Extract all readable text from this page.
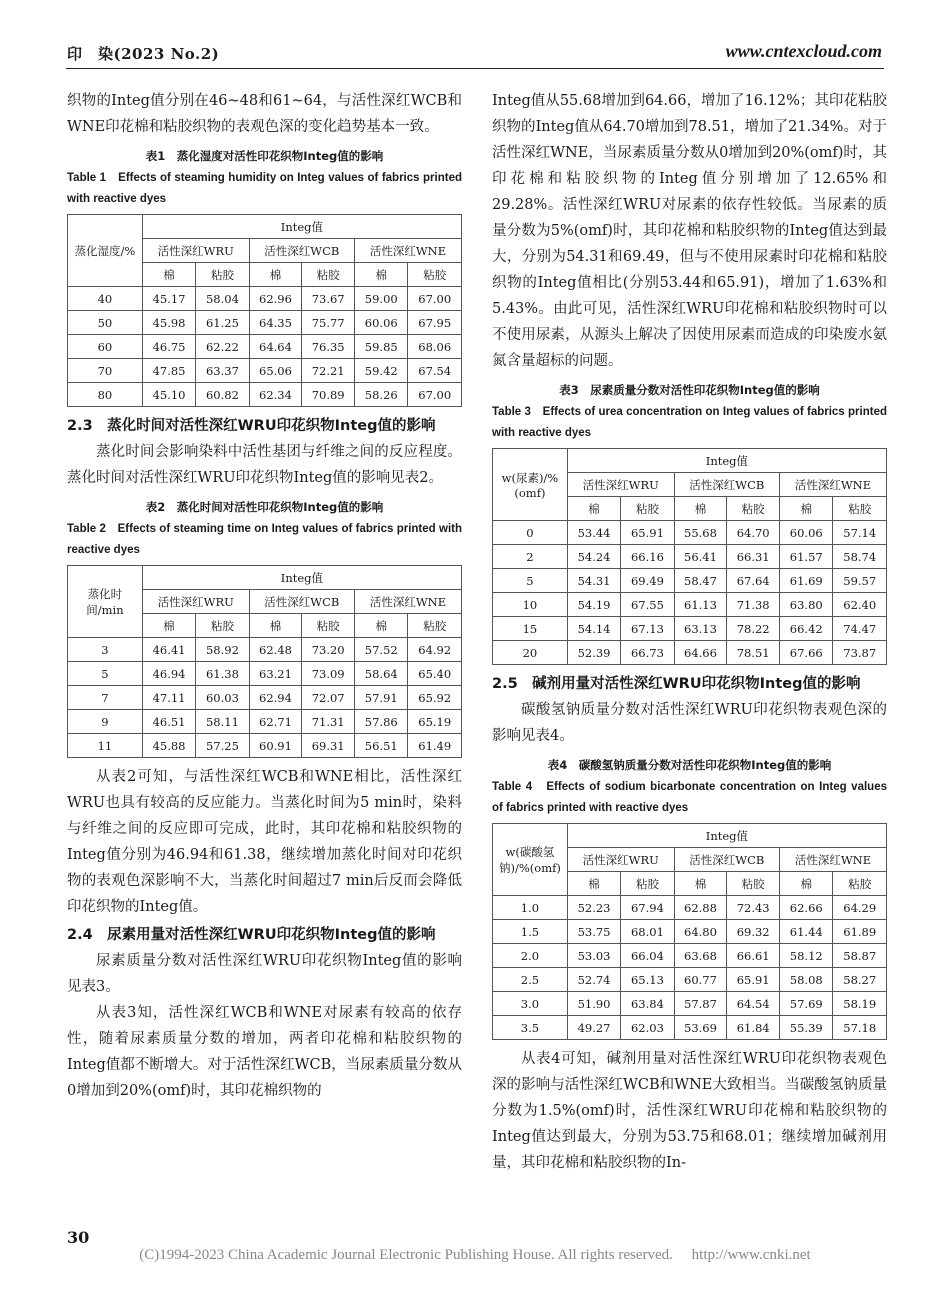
印　染(2023 No.2)	www.cntexcloud.com

织物的Integ值分别在46~48和61~64，与活性深红WCB和WNE印花棉和粘胶织物的表观色深的变化趋势基本一致。

表1　蒸化湿度对活性印花织物Integ值的影响
Table 1　Effects of steaming humidity on Integ values of fabrics printed with reactive dyes
蒸化湿度/%	Integ值					
	活性深红WRU		活性深红WCB		活性深红WNE	
	棉	粘胶	棉	粘胶	棉	粘胶
40	45.17	58.04	62.96	73.67	59.00	67.00
50	45.98	61.25	64.35	75.77	60.06	67.95
60	46.75	62.22	64.64	76.35	59.85	68.06
70	47.85	63.37	65.06	72.21	59.42	67.54
80	45.10	60.82	62.34	70.89	58.26	67.00
2.3　蒸化时间对活性深红WRU印花织物Integ值的影响

蒸化时间会影响染料中活性基团与纤维之间的反应程度。蒸化时间对活性深红WRU印花织物Integ值的影响见表2。

表2　蒸化时间对活性印花织物Integ值的影响
Table 2　Effects of steaming time on Integ values of fabrics printed with reactive dyes
蒸化时间/min	Integ值					
	活性深红WRU		活性深红WCB		活性深红WNE	
	棉	粘胶	棉	粘胶	棉	粘胶
3	46.41	58.92	62.48	73.20	57.52	64.92
5	46.94	61.38	63.21	73.09	58.64	65.40
7	47.11	60.03	62.94	72.07	57.91	65.92
9	46.51	58.11	62.71	71.31	57.86	65.19
11	45.88	57.25	60.91	69.31	56.51	61.49

从表2可知，与活性深红WCB和WNE相比，活性深红WRU也具有较高的反应能力。当蒸化时间为5 min时，染料与纤维之间的反应即可完成，此时，其印花棉和粘胶织物的Integ值分别为46.94和61.38，继续增加蒸化时间对印花织物的表观色深影响不大，当蒸化时间超过7 min后反而会降低印花织物的Integ值。

2.4　尿素用量对活性深红WRU印花织物Integ值的影响

尿素质量分数对活性深红WRU印花织物Integ值的影响见表3。

从表3知，活性深红WCB和WNE对尿素有较高的依存性，随着尿素质量分数的增加，两者印花棉和粘胶织物的Integ值都不断增大。对于活性深红WCB，当尿素质量分数从0增加到20%(omf)时，其印花棉织物的

Integ值从55.68增加到64.66，增加了16.12%；其印花粘胶织物的Integ值从64.70增加到78.51，增加了21.34%。对于活性深红WNE，当尿素质量分数从0增加到20%(omf)时，其印花棉和粘胶织物的Integ值分别增加了12.65%和29.28%。活性深红WRU对尿素的依存性较低。当尿素的质量分数为5%(omf)时，其印花棉和粘胶织物的Integ值达到最大，分别为54.31和69.49，但与不使用尿素时印花棉和粘胶织物的Integ值相比(分别53.44和65.91)，增加了1.63%和5.43%。由此可见，活性深红WRU印花棉和粘胶织物时可以不使用尿素，从源头上解决了因使用尿素而造成的印染废水氨氮含量超标的问题。

表3　尿素质量分数对活性印花织物Integ值的影响
Table 3　Effects of urea concentration on Integ values of fabrics printed with reactive dyes
w(尿素)/%(omf)	Integ值					
	活性深红WRU		活性深红WCB		活性深红WNE	
	棉	粘胶	棉	粘胶	棉	粘胶
0	53.44	65.91	55.68	64.70	60.06	57.14
2	54.24	66.16	56.41	66.31	61.57	58.74
5	54.31	69.49	58.47	67.64	61.69	59.57
10	54.19	67.55	61.13	71.38	63.80	62.40
15	54.14	67.13	63.13	78.22	66.42	74.47
20	52.39	66.73	64.66	78.51	67.66	73.87
2.5　碱剂用量对活性深红WRU印花织物Integ值的影响

碳酸氢钠质量分数对活性深红WRU印花织物表观色深的影响见表4。

表4　碳酸氢钠质量分数对活性印花织物Integ值的影响
Table 4　Effects of sodium bicarbonate concentration on Integ values of fabrics printed with reactive dyes
w(碳酸氢钠)/%(omf)	Integ值					
	活性深红WRU		活性深红WCB		活性深红WNE	
	棉	粘胶	棉	粘胶	棉	粘胶
1.0	52.23	67.94	62.88	72.43	62.66	64.29
1.5	53.75	68.01	64.80	69.32	61.44	61.89
2.0	53.03	66.04	63.68	66.61	58.12	58.87
2.5	52.74	65.13	60.77	65.91	58.08	58.27
3.0	51.90	63.84	57.87	64.54	57.69	58.19
3.5	49.27	62.03	53.69	61.84	55.39	57.18

从表4可知，碱剂用量对活性深红WRU印花织物表观色深的影响与活性深红WCB和WNE大致相当。当碳酸氢钠质量分数为1.5%(omf)时，活性深红WRU印花棉和粘胶织物的Integ值达到最大，分别为53.75和68.01；继续增加碱剂用量，其印花棉和粘胶织物的In-

30
(C)1994-2023 China Academic Journal Electronic Publishing House. All rights reserved.　 http://www.cnki.net
